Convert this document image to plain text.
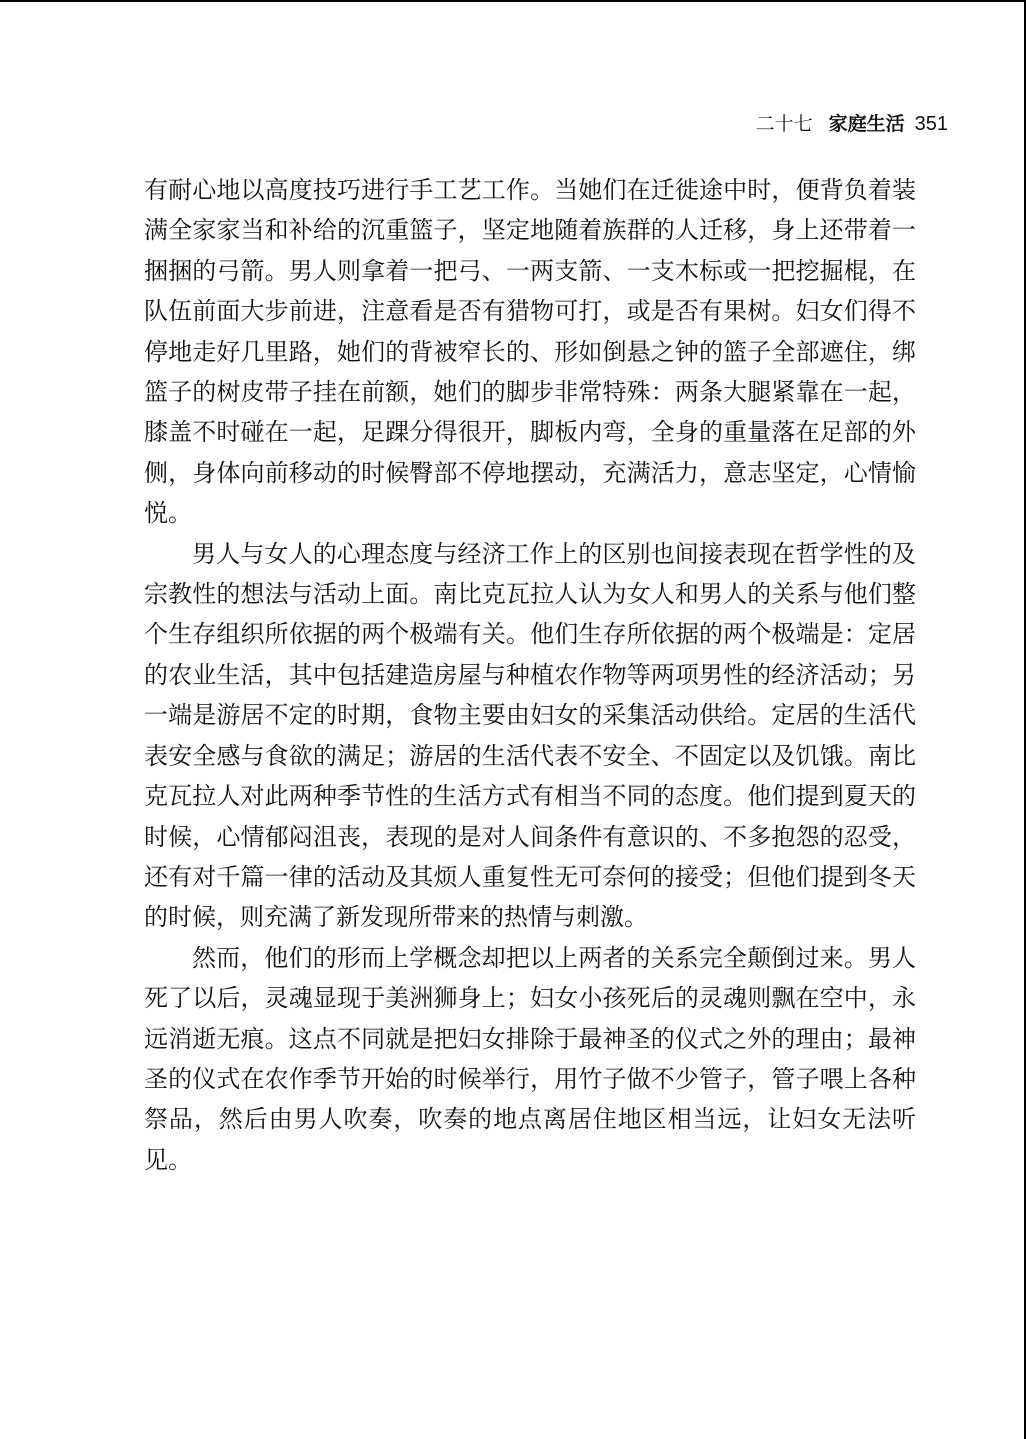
二十七 家庭生活 351

有耐心地以高度技巧进行手工艺工作。当她们在迁徙途中时，便背负着装满全家家当和补给的沉重篮子，坚定地随着族群的人迁移，身上还带着一捆捆的弓箭。男人则拿着一把弓、一两支箭、一支木标或一把挖掘棍，在队伍前面大步前进，注意看是否有猎物可打，或是否有果树。妇女们得不停地走好几里路，她们的背被窄长的、形如倒悬之钟的篮子全部遮住，绑篮子的树皮带子挂在前额，她们的脚步非常特殊：两条大腿紧靠在一起，膝盖不时碰在一起，足踝分得很开，脚板内弯，全身的重量落在足部的外侧，身体向前移动的时候臀部不停地摆动，充满活力，意志坚定，心情愉悦。

男人与女人的心理态度与经济工作上的区别也间接表现在哲学性的及宗教性的想法与活动上面。南比克瓦拉人认为女人和男人的关系与他们整个生存组织所依据的两个极端有关。他们生存所依据的两个极端是：定居的农业生活，其中包括建造房屋与种植农作物等两项男性的经济活动；另一端是游居不定的时期，食物主要由妇女的采集活动供给。定居的生活代表安全感与食欲的满足；游居的生活代表不安全、不固定以及饥饿。南比克瓦拉人对此两种季节性的生活方式有相当不同的态度。他们提到夏天的时候，心情郁闷沮丧，表现的是对人间条件有意识的、不多抱怨的忍受，还有对千篇一律的活动及其烦人重复性无可奈何的接受；但他们提到冬天的时候，则充满了新发现所带来的热情与刺激。

然而，他们的形而上学概念却把以上两者的关系完全颠倒过来。男人死了以后，灵魂显现于美洲狮身上；妇女小孩死后的灵魂则飘在空中，永远消逝无痕。这点不同就是把妇女排除于最神圣的仪式之外的理由；最神圣的仪式在农作季节开始的时候举行，用竹子做不少管子，管子喂上各种祭品，然后由男人吹奏，吹奏的地点离居住地区相当远，让妇女无法听见。
